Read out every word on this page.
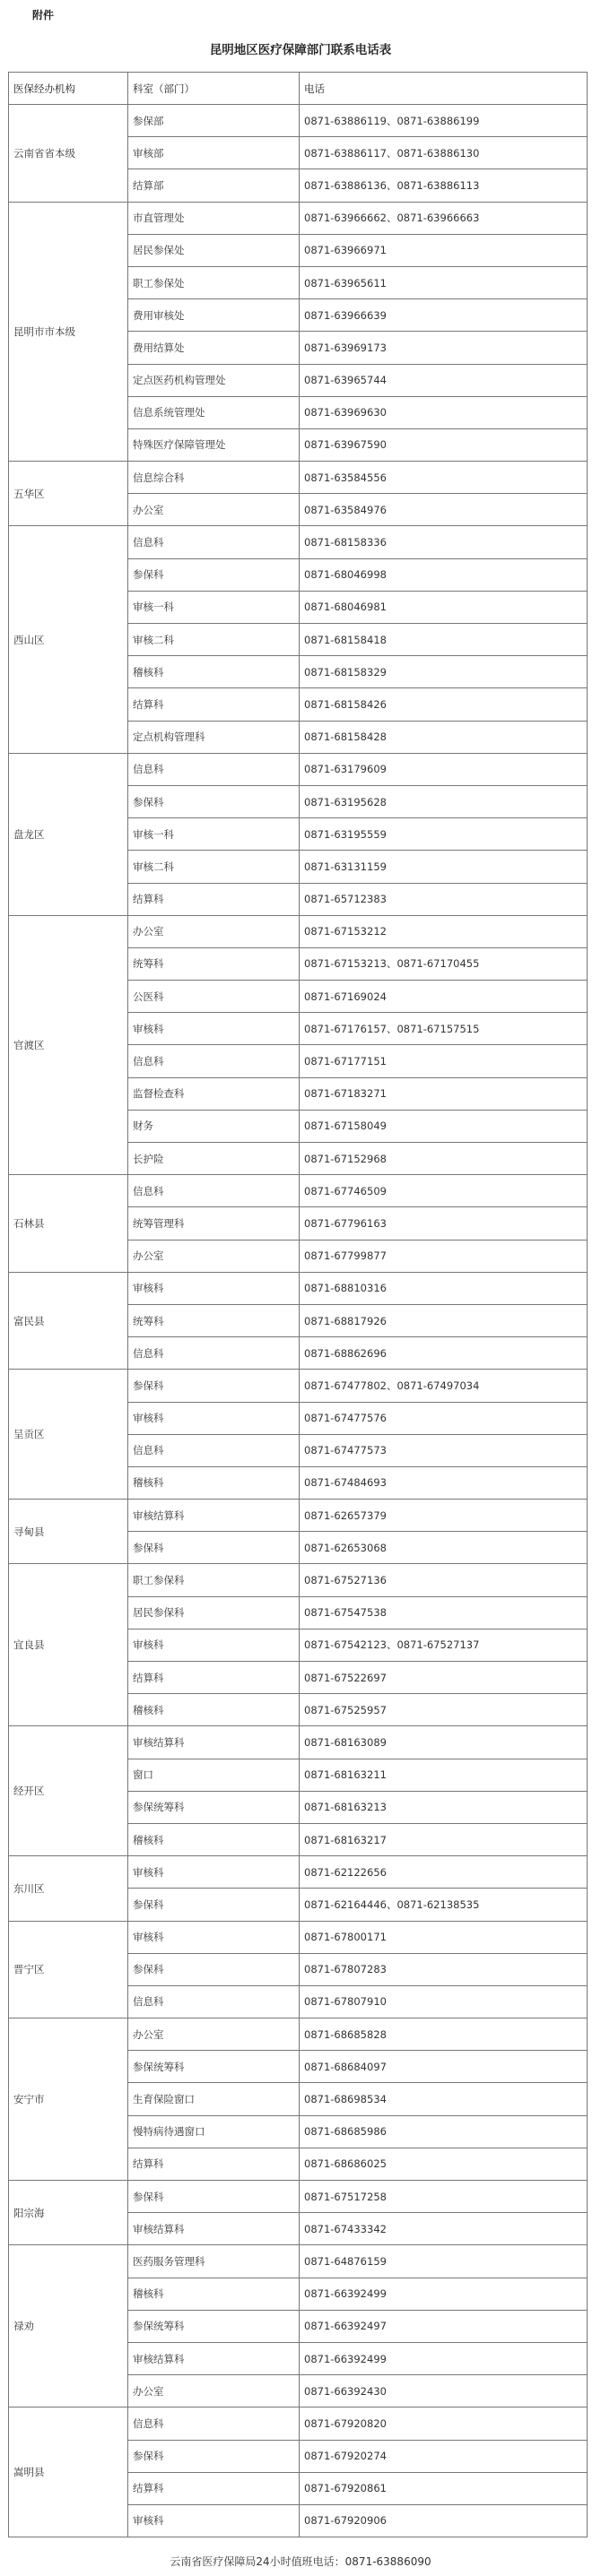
附件
昆明地区医疗保障部门联系电话表
医保经办机构	科室（部门）	电话
云南省省本级	参保部	0871-63886119、0871-63886199
	审核部	0871-63886117、0871-63886130
	结算部	0871-63886136、0871-63886113
昆明市市本级	市直管理处	0871-63966662、0871-63966663
	居民参保处	0871-63966971
	职工参保处	0871-63965611
	费用审核处	0871-63966639
	费用结算处	0871-63969173
	定点医药机构管理处	0871-63965744
	信息系统管理处	0871-63969630
	特殊医疗保障管理处	0871-63967590
五华区	信息综合科	0871-63584556
	办公室	0871-63584976
西山区	信息科	0871-68158336
	参保科	0871-68046998
	审核一科	0871-68046981
	审核二科	0871-68158418
	稽核科	0871-68158329
	结算科	0871-68158426
	定点机构管理科	0871-68158428
盘龙区	信息科	0871-63179609
	参保科	0871-63195628
	审核一科	0871-63195559
	审核二科	0871-63131159
	结算科	0871-65712383
官渡区	办公室	0871-67153212
	统筹科	0871-67153213、0871-67170455
	公医科	0871-67169024
	审核科	0871-67176157、0871-67157515
	信息科	0871-67177151
	监督检查科	0871-67183271
	财务	0871-67158049
	长护险	0871-67152968
石林县	信息科	0871-67746509
	统筹管理科	0871-67796163
	办公室	0871-67799877
富民县	审核科	0871-68810316
	统筹科	0871-68817926
	信息科	0871-68862696
呈贡区	参保科	0871-67477802、0871-67497034
	审核科	0871-67477576
	信息科	0871-67477573
	稽核科	0871-67484693
寻甸县	审核结算科	0871-62657379
	参保科	0871-62653068
宜良县	职工参保科	0871-67527136
	居民参保科	0871-67547538
	审核科	0871-67542123、0871-67527137
	结算科	0871-67522697
	稽核科	0871-67525957
经开区	审核结算科	0871-68163089
	窗口	0871-68163211
	参保统筹科	0871-68163213
	稽核科	0871-68163217
东川区	审核科	0871-62122656
	参保科	0871-62164446、0871-62138535
晋宁区	审核科	0871-67800171
	参保科	0871-67807283
	信息科	0871-67807910
安宁市	办公室	0871-68685828
	参保统筹科	0871-68684097
	生育保险窗口	0871-68698534
	慢特病待遇窗口	0871-68685986
	结算科	0871-68686025
阳宗海	参保科	0871-67517258
	审核结算科	0871-67433342
禄劝	医药服务管理科	0871-64876159
	稽核科	0871-66392499
	参保统筹科	0871-66392497
	审核结算科	0871-66392499
	办公室	0871-66392430
嵩明县	信息科	0871-67920820
	参保科	0871-67920274
	结算科	0871-67920861
	审核科	0871-67920906
云南省医疗保障局24小时值班电话：0871-63886090
